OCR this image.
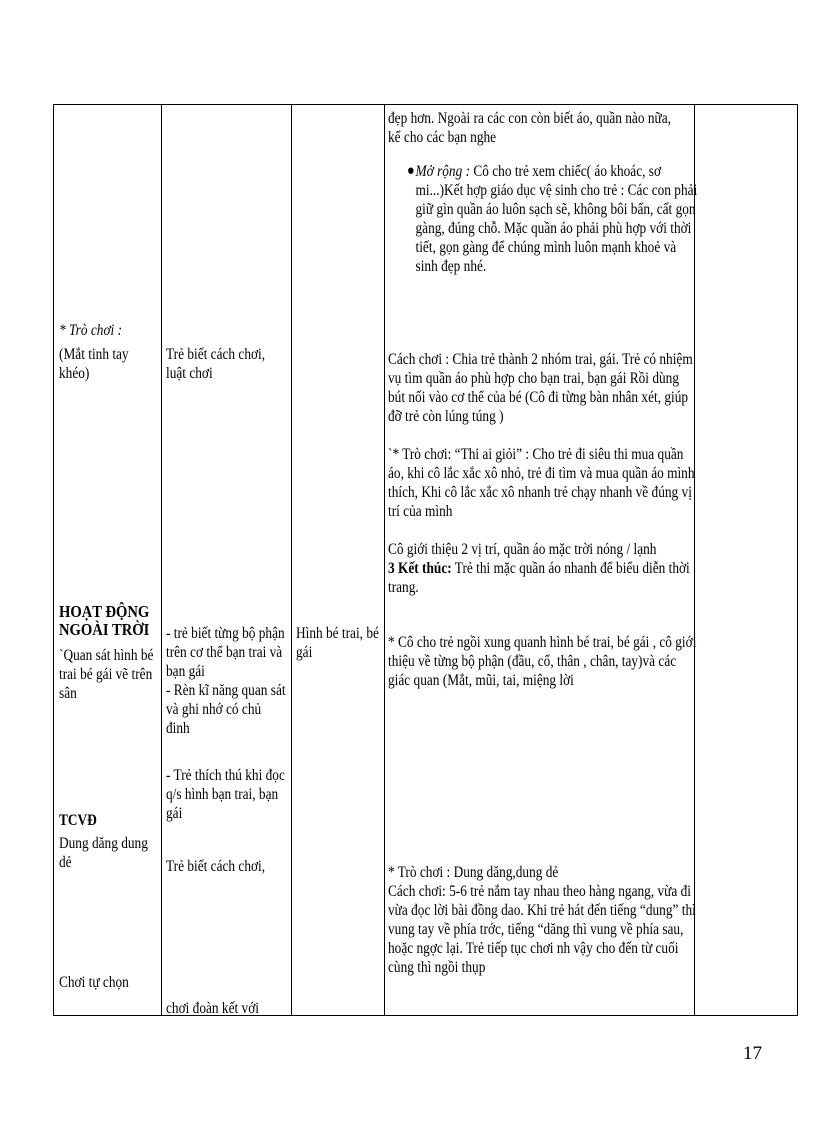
* Trò chơi :
(Mắt tinh tay khéo)
HOẠT ĐỘNG NGOÀI TRỜI
`Quan sát hình bé trai bé gái vẽ trên sân
TCVĐ
Dung dăng dung dẻ
Chơi tự chọn
Trẻ biết cách chơi, luật chơi
- trẻ biết từng bộ phận trên cơ thể bạn trai và bạn gái
- Rèn kĩ năng quan sát và ghi nhớ có chủ đinh
- Trẻ thích thú khi đọc q/s hình bạn trai, bạn gái
Trẻ biết cách chơi,
chơi đoàn kết với
Hình bé trai, bé gái
đẹp hơn. Ngoài ra các con còn biết áo, quần nào nữa, kể cho các bạn nghe
● Mở rộng : Cô cho trẻ xem chiếc( áo khoác, sơ mi...)Kết hợp giáo dục vệ sinh cho trẻ : Các con phải giữ gìn quần áo luôn sạch sẽ, không bôi bẩn, cất gọn gàng, đúng chỗ. Mặc quần áo phải phù hợp với thời tiết, gọn gàng để chúng mình luôn mạnh khoẻ và sinh đẹp nhé.
Cách chơi : Chia trẻ thành 2 nhóm trai, gái. Trẻ có nhiệm vụ tìm quần áo phù hợp cho bạn trai, bạn gái Rồi dùng bút nối vào cơ thể của bé (Cô đi từng bàn nhân xét, giúp đỡ trẻ còn lúng túng )
`* Trò chơi: “Thi ai giỏi” : Cho trẻ đi siêu thi mua quần áo, khi cô lắc xắc xô nhỏ, trẻ đi tìm và mua quần áo mình thích, Khi cô lắc xắc xô nhanh trẻ chạy nhanh về đúng vị trí của mình
Cô giới thiệu 2 vị trí, quần áo mặc trời nóng / lạnh
3 Kết thúc: Trẻ thi mặc quần áo nhanh để biểu diễn thời trang.
* Cô cho trẻ ngồi xung quanh hình bé trai, bé gái , cô giới thiệu về từng bộ phận (đầu, cổ, thân , chân, tay)và các giác quan (Mắt, mũi, tai, miệng lời
* Trò chơi : Dung dăng,dung dẻ
Cách chơi: 5-6 trẻ nắm tay nhau theo hàng ngang, vừa đi vừa đọc lời bài đồng dao. Khi trẻ hát đến tiếng “dung” thì vung tay về phía trớc, tiếng “dăng thì vung về phía sau, hoặc ngợc lại. Trẻ tiếp tục chơi nh vậy cho đến từ cuối cùng thì ngồi thụp
17
